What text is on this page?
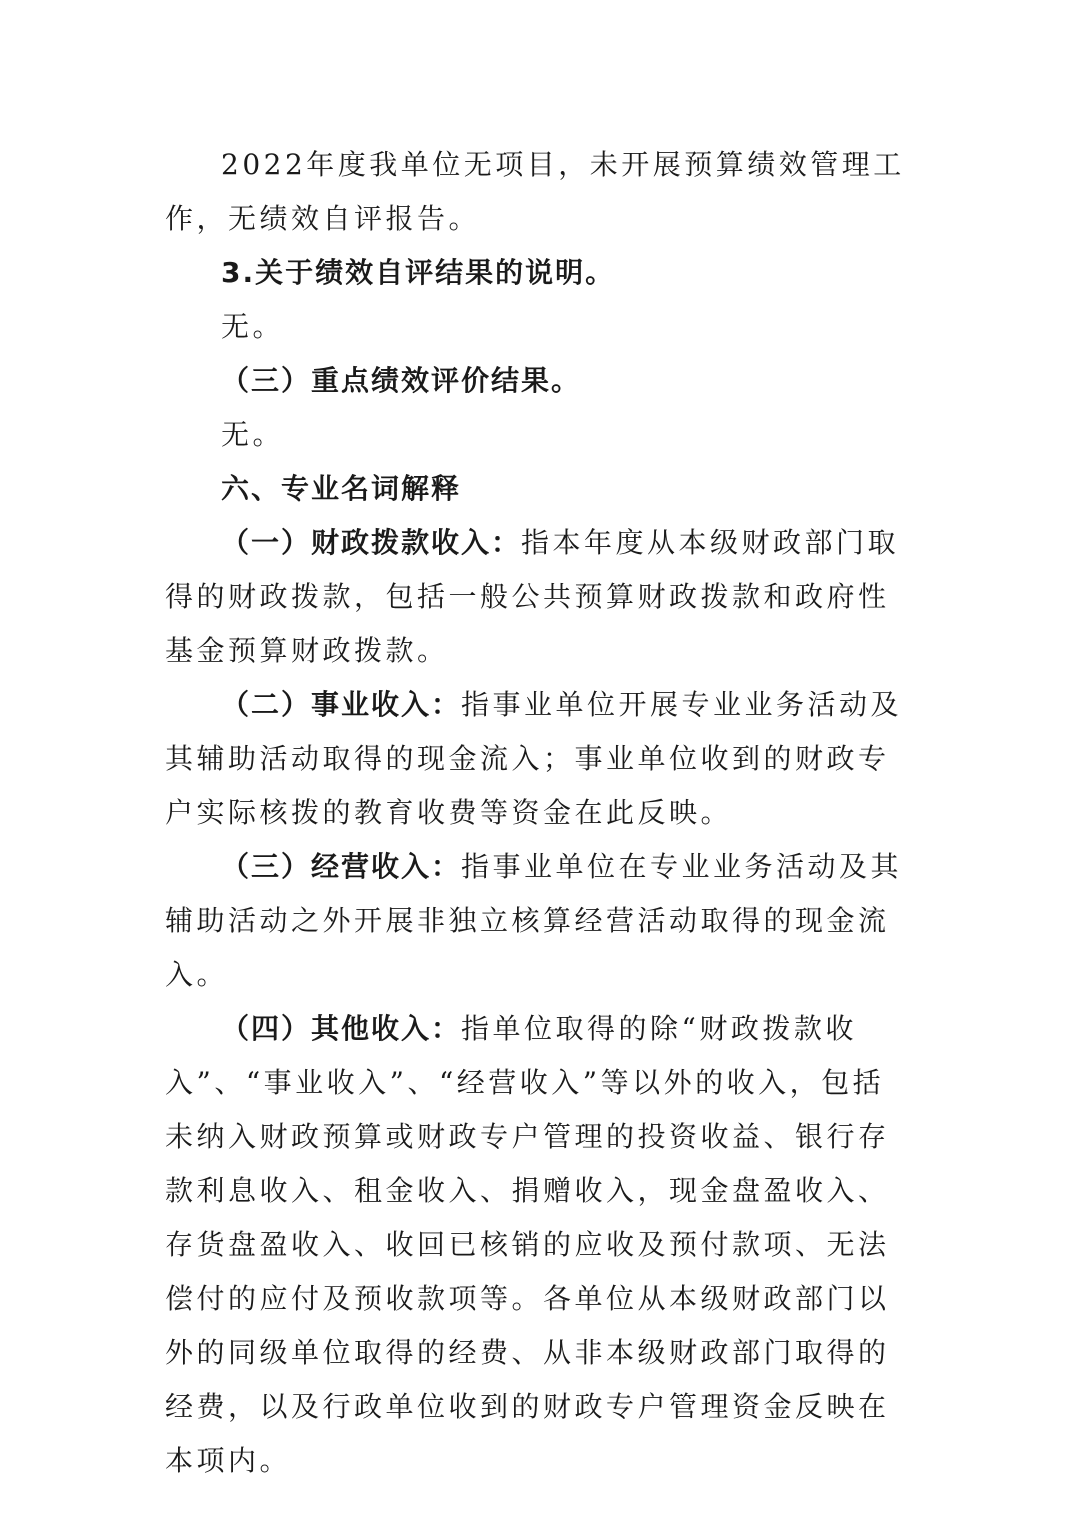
2022年度我单位无项目，未开展预算绩效管理工作，无绩效自评报告。

3.关于绩效自评结果的说明。

无。

（三）重点绩效评价结果。

无。

六、专业名词解释

（一）财政拨款收入：指本年度从本级财政部门取得的财政拨款，包括一般公共预算财政拨款和政府性基金预算财政拨款。

（二）事业收入：指事业单位开展专业业务活动及其辅助活动取得的现金流入；事业单位收到的财政专户实际核拨的教育收费等资金在此反映。

（三）经营收入：指事业单位在专业业务活动及其辅助活动之外开展非独立核算经营活动取得的现金流入。

（四）其他收入：指单位取得的除“财政拨款收入”、“事业收入”、“经营收入”等以外的收入，包括未纳入财政预算或财政专户管理的投资收益、银行存款利息收入、租金收入、捐赠收入，现金盘盈收入、存货盘盈收入、收回已核销的应收及预付款项、无法偿付的应付及预收款项等。各单位从本级财政部门以外的同级单位取得的经费、从非本级财政部门取得的经费，以及行政单位收到的财政专户管理资金反映在本项内。
